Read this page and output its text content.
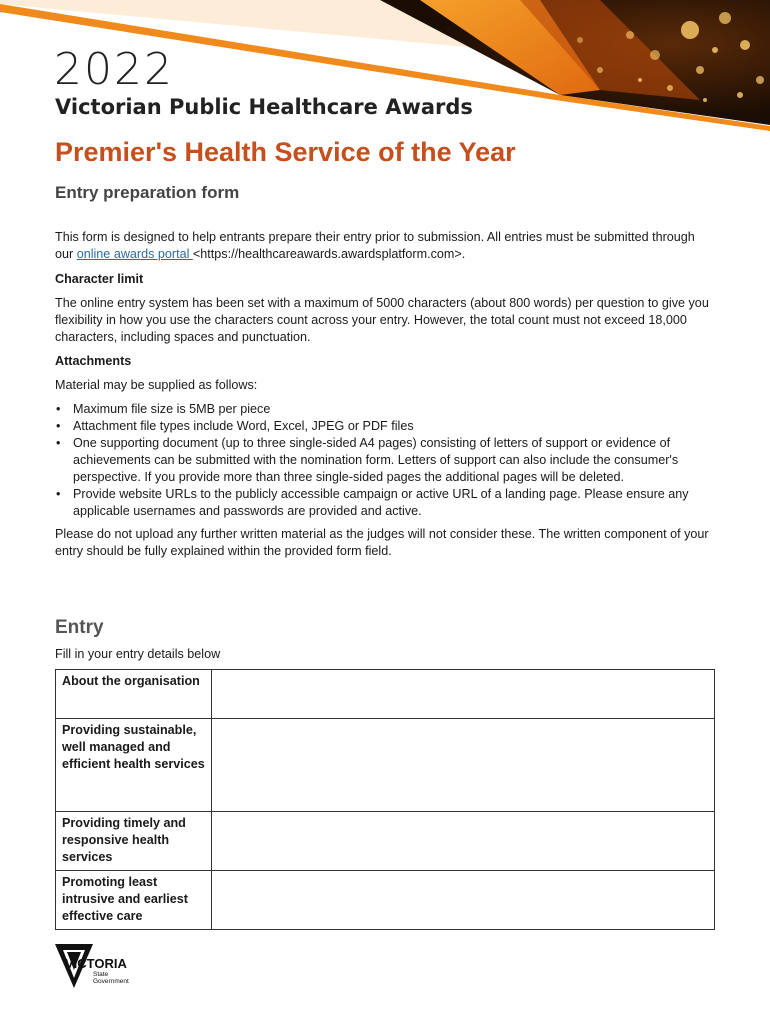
2022
Victorian Public Healthcare Awards
Premier's Health Service of the Year
Entry preparation form

This form is designed to help entrants prepare their entry prior to submission. All entries must be submitted through our online awards portal <https://healthcareawards.awardsplatform.com>.

Character limit

The online entry system has been set with a maximum of 5000 characters (about 800 words) per question to give you flexibility in how you use the characters count across your entry. However, the total count must not exceed 18,000 characters, including spaces and punctuation.

Attachments

Material may be supplied as follows:

• Maximum file size is 5MB per piece
• Attachment file types include Word, Excel, JPEG or PDF files
• One supporting document (up to three single-sided A4 pages) consisting of letters of support or evidence of achievements can be submitted with the nomination form. Letters of support can also include the consumer's perspective. If you provide more than three single-sided pages the additional pages will be deleted.
• Provide website URLs to the publicly accessible campaign or active URL of a landing page. Please ensure any applicable usernames and passwords are provided and active.

Please do not upload any further written material as the judges will not consider these. The written component of your entry should be fully explained within the provided form field.

Entry

Fill in your entry details below

About the organisation	
Providing sustainable, well managed and efficient health services	
Providing timely and responsive health services	
Promoting least intrusive and earliest effective care	
VICTORIA
State
Government
